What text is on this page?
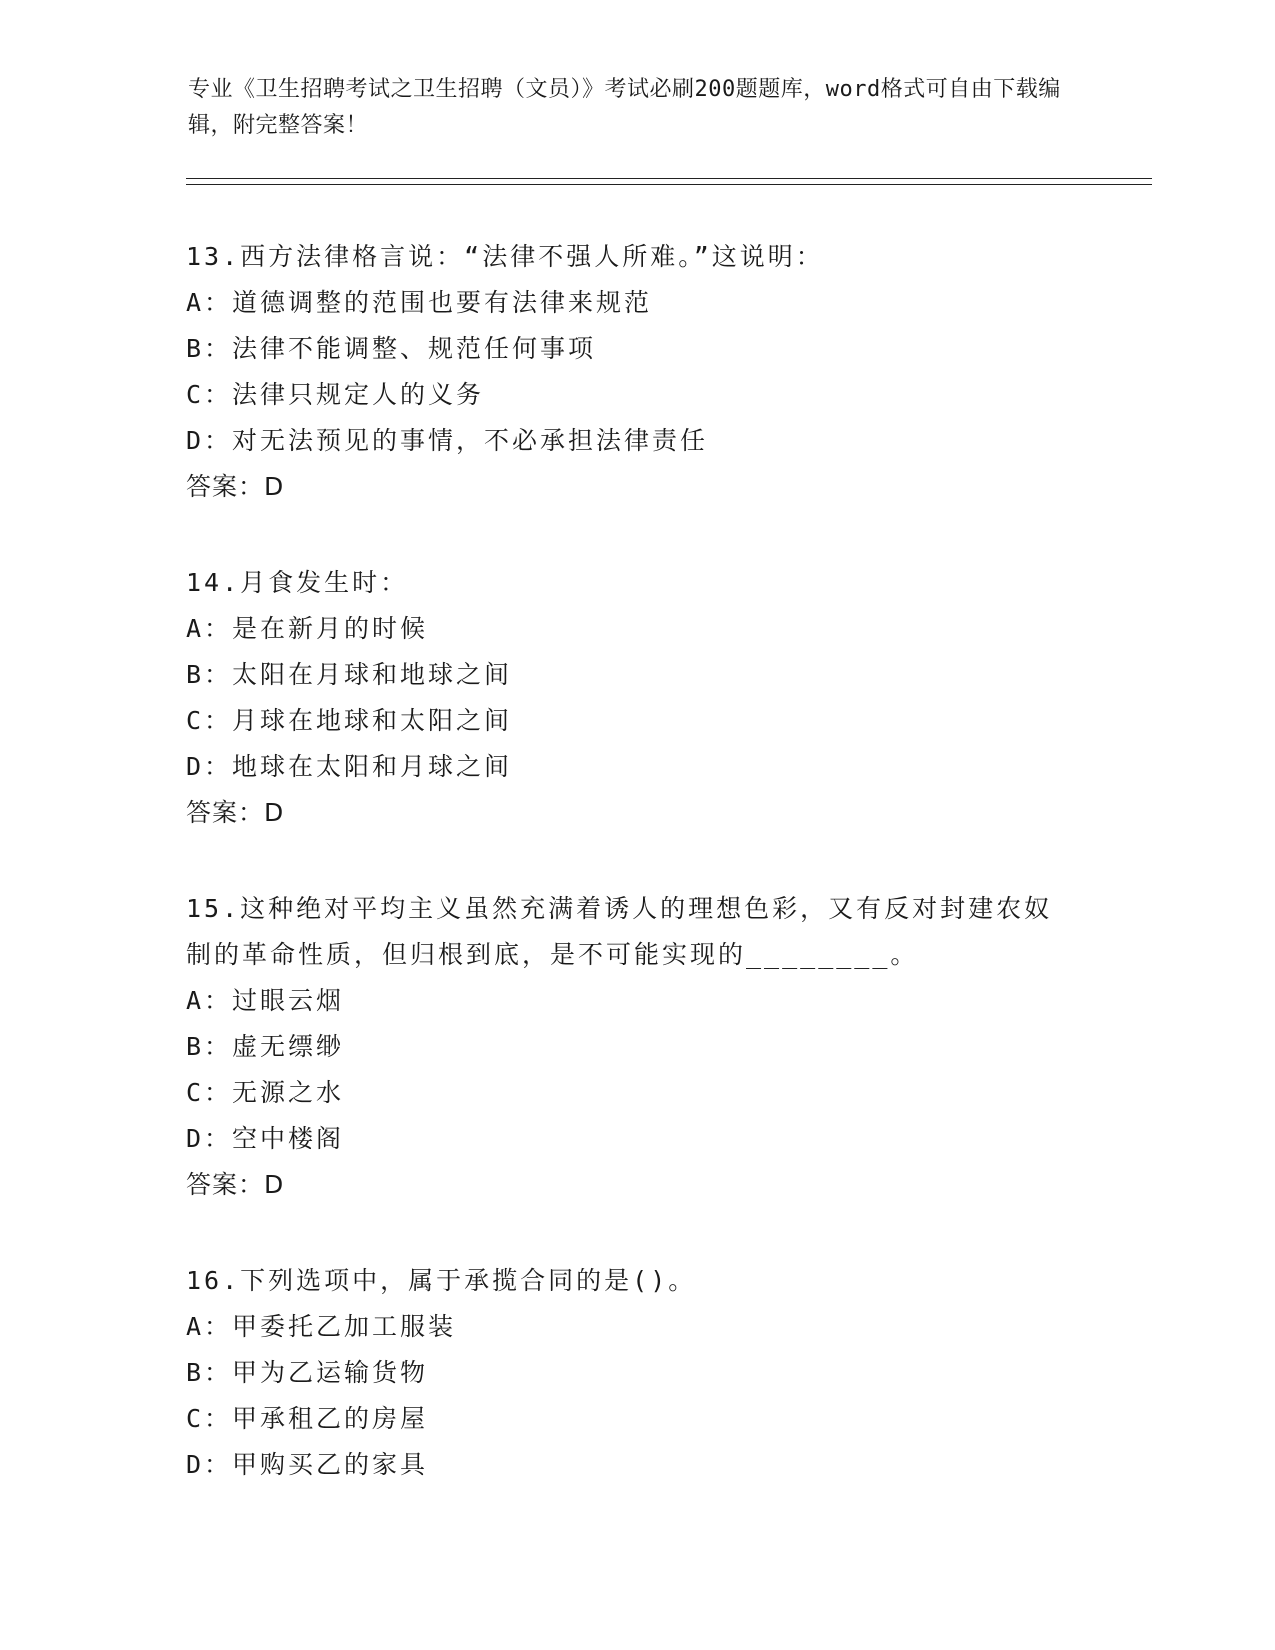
专业《卫生招聘考试之卫生招聘（文员）》考试必刷200题题库，word格式可自由下载编辑，附完整答案！
13.西方法律格言说：“法律不强人所难。”这说明：
A：道德调整的范围也要有法律来规范
B：法律不能调整、规范任何事项
C：法律只规定人的义务
D：对无法预见的事情，不必承担法律责任
答案：D
14.月食发生时：
A：是在新月的时候
B：太阳在月球和地球之间
C：月球在地球和太阳之间
D：地球在太阳和月球之间
答案：D
15.这种绝对平均主义虽然充满着诱人的理想色彩，又有反对封建农奴制的革命性质，但归根到底，是不可能实现的________。
A：过眼云烟
B：虚无缥缈
C：无源之水
D：空中楼阁
答案：D
16.下列选项中，属于承揽合同的是()。
A：甲委托乙加工服装
B：甲为乙运输货物
C：甲承租乙的房屋
D：甲购买乙的家具
